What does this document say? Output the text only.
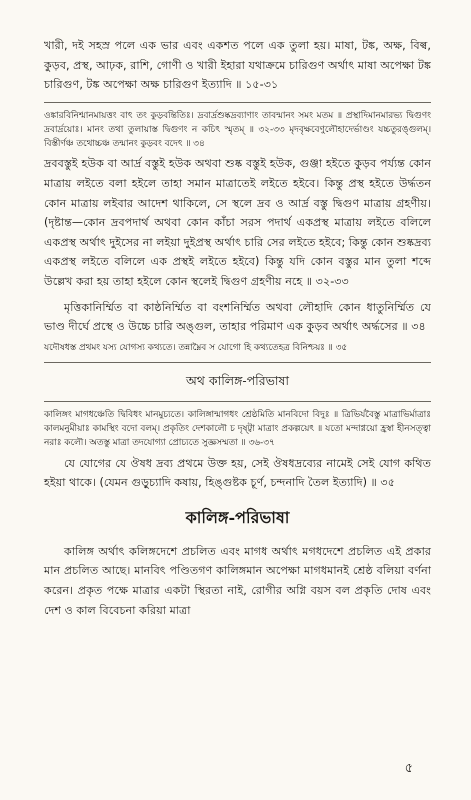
খারী, দই সহস্র পলে এক ভার এবং একশত পলে এক তুলা হয়। মাষা, টঙ্ক, অক্ষ, বিল্ব, কুড়ব, প্রস্থ, আঢ়ক, রাশি, গোণী ও খারী ইহারা যথাক্রমে চারিগুণ অর্থাৎ মাষা অপেক্ষা টঙ্ক চারিগুণ, টঙ্ক অপেক্ষা অক্ষ চারিগুণ ইত্যাদি ॥ ১৫-৩১

ওঙ্কারবিনিশ্মানমায়ত্তং বাৎ তং কুড়বন্তিতিঃ। দ্রবার্দ্রশুষ্কদ্রব্যাণাং তাবন্মানং সমং মতম ॥ প্রস্থাদিমানমারভ্য দ্বিগুণং দ্রবার্দ্রয়োঃ। মানং তথা তুলায়াস্ত দ্বিগুণং ন কচিৎ স্মৃতম্ ॥ ৩২-৩৩ মৃদবৃক্ষবেণুলৌহাদের্ভাণ্ডং যচ্চতুরঙ্গুলম্। বিস্তীর্ণঞ্চ তথোচ্চঞ্চ তন্মানং কুড়বং বদেৎ ॥ ৩৪

দ্রববস্তুই হউক বা আর্দ্র বস্তুই হউক অথবা শুষ্ক বস্তুই হউক, গুঞ্জা হইতে কুড়ব পর্য্যন্ত কোন মাত্রায় লইতে বলা হইলে তাহা সমান মাত্রাতেই লইতে হইবে। কিন্তু প্রস্থ হইতে উর্দ্ধতন কোন মাত্রায় লইবার আদেশ থাকিলে, সে স্থলে দ্রব ও আর্দ্র বস্তু দ্বিগুণ মাত্রায় গ্রহণীয়। (দৃষ্টান্ত—কোন দ্রবপদার্থ অথবা কোন কাঁচা সরস পদার্থ একপ্রস্থ মাত্রায় লইতে বলিলে একপ্রস্থ অর্থাৎ দুইসের না লইয়া দুইপ্রস্থ অর্থাৎ চারি সের লইতে হইবে; কিন্তু কোন শুষ্কদ্রব্য একপ্রস্থ লইতে বলিলে এক প্রস্থই লইতে হইবে) কিন্তু যদি কোন বস্তুর মান তুলা শব্দে উল্লেখ করা হয় তাহা হইলে কোন স্থলেই দ্বিগুণ গ্রহণীয় নহে ॥ ৩২-৩৩

মৃত্তিকানির্ম্মিত বা কাষ্ঠনির্ম্মিত বা বংশনির্ম্মিত অথবা লৌহাদি কোন ধাতুনির্ম্মিত যে ভাণ্ড দীর্ঘে প্রস্থে ও উচ্চে চারি অঙ্গুল, তাহার পরিমাণ এক কুড়ব অর্থাৎ অর্দ্ধসের ॥ ৩৪

যদৌষধস্ত প্রথমং যস্য যোগস্য কথ্যতে। তন্নাম্নৈব স যোগো হি কথ্যতেহত্র বিনিশ্চয়ঃ ॥ ৩৫

অথ কালিঙ্গ-পরিভাষা

কালিঙ্গং মাগধঞ্চেতি দ্বিবিধং মানমুচ্যতে। কালিঙ্গান্মাগধং শ্রেষ্ঠমিতি মানবিদো বিদুঃ ॥ ত্রিভির্যবৈস্তু মাত্রাভির্মাত্রাঃ কালমনুমীয়াঃ কামস্থিং বদো বলম্। প্রকৃতিং দেশকালৌ চ দৃষ্ট্বা মাত্রাং প্রকল্পয়েৎ ॥ যতো মন্দাগ্নয়ো হ্রস্বা হীনসত্ত্বা নরাঃ কলৌ। অতস্তু মাত্রা তদযোগ্যা প্রোচ্যতে সুজ্ঞসম্মতা ॥ ৩৬-৩৭

যে যোগের যে ঔষধ দ্রব্য প্রথমে উক্ত হয়, সেই ঔষধদ্রব্যের নামেই সেই যোগ কথিত হইয়া থাকে। (যেমন গুড়ুচ্যাদি কষায়, হিঙ্গুষ্টক চূর্ণ, চন্দনাদি তৈল ইত্যাদি) ॥ ৩৫

কালিঙ্গ-পরিভাষা

কালিঙ্গ অর্থাৎ কলিঙ্গদেশে প্রচলিত এবং মাগধ অর্থাৎ মগধদেশে প্রচলিত এই প্রকার মান প্রচলিত আছে। মানবিৎ পণ্ডিতগণ কালিঙ্গমান অপেক্ষা মাগধমানই শ্রেষ্ঠ বলিয়া বর্ণনা করেন। প্রকৃত পক্ষে মাত্রার একটা স্থিরতা নাই, রোগীর অগ্নি বয়স বল প্রকৃতি দোষ এবং দেশ ও কাল বিবেচনা করিয়া মাত্রা

৫
